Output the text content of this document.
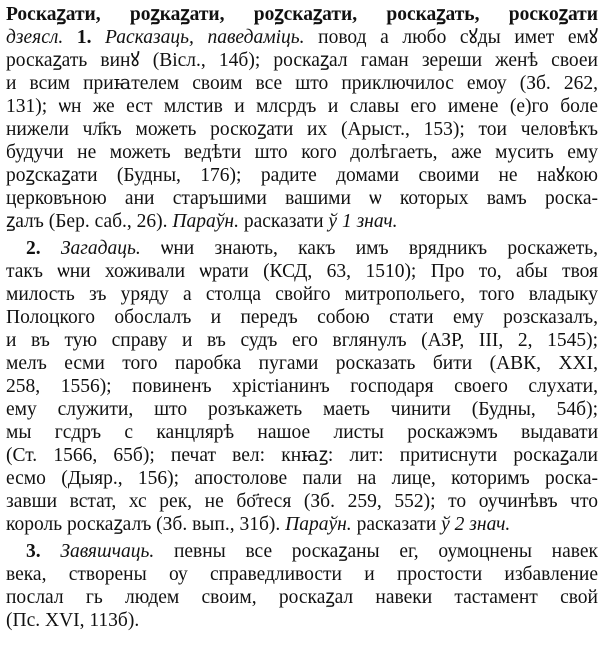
Роскаꙁати, роꙁкаꙁати, роꙁскаꙁати, роскаꙁать, роскоꙁати
дзеясл. 1. Расказаць, паведаміць. повод а любо сꙋды имет емꙋ
роскаꙁать винꙋ (Віcл., 14б); роскаꙁал гаман зереши женѣ своеи
и всим приꙗтелем своим все што приключилос емоу (Зб. 262,
131); ѡн же ест млстив и млсрдъ и славы его имене (е)го боле
нижели чл҃къ можеть роскоꙁати их (Арыст., 153); тои человѣкъ
будучи не можеть ведѣти што кого долѣгаеть, аже мусить ему
роꙁскаꙁати (Будны, 176); радите домами своими не наꙋкою
церковъною ани старъшими вашими ѡ которых вамъ роска-
ꙁалъ (Бер. саб., 26). Параўн. расказати ў 1 знач.
2. Загадаць. ѡни знають, какъ имъ врядникъ роскажеть,
такъ ѡни хоживали ѡрати (КСД, 63, 1510); Про то, абы твоя
милость зъ уряду а столца свойго митропольего, того владыку
Полоцкого обослалъ и передъ собою стати ему розсказалъ,
и въ тую справу и въ судъ его вглянулъ (АЗР, III, 2, 1545);
мелъ есми того паробка пугами росказать бити (АВК, XXI,
258, 1556); повиненъ хрістіанинъ господаря своего слухати,
ему служити, што розъкажеть маеть чинити (Будны, 54б);
мы гсдръ с канцлярѣ нашое листы роскажэмъ выдавати
(Ст. 1566, 65б); печат вел: кнꙗꙁ: лит: притиснути роскаꙁали
есмо (Дыяр., 156); апостолове пали на лице, которимъ роска-
завши встат, хс рек, не бо҃теся (Зб. 259, 552); то оучинѣвъ что
король роскаꙁалъ (Зб. вып., 31б). Параўн. расказати ў 2 знач.
3. Завяшчаць. певны все роскаꙁаны ег, оумоцнены навек
века, створены оу справедливости и простости избавление
послал гь людем своим, роскаꙁал навеки тастамент свой
(Пс. XVI, 113б).
